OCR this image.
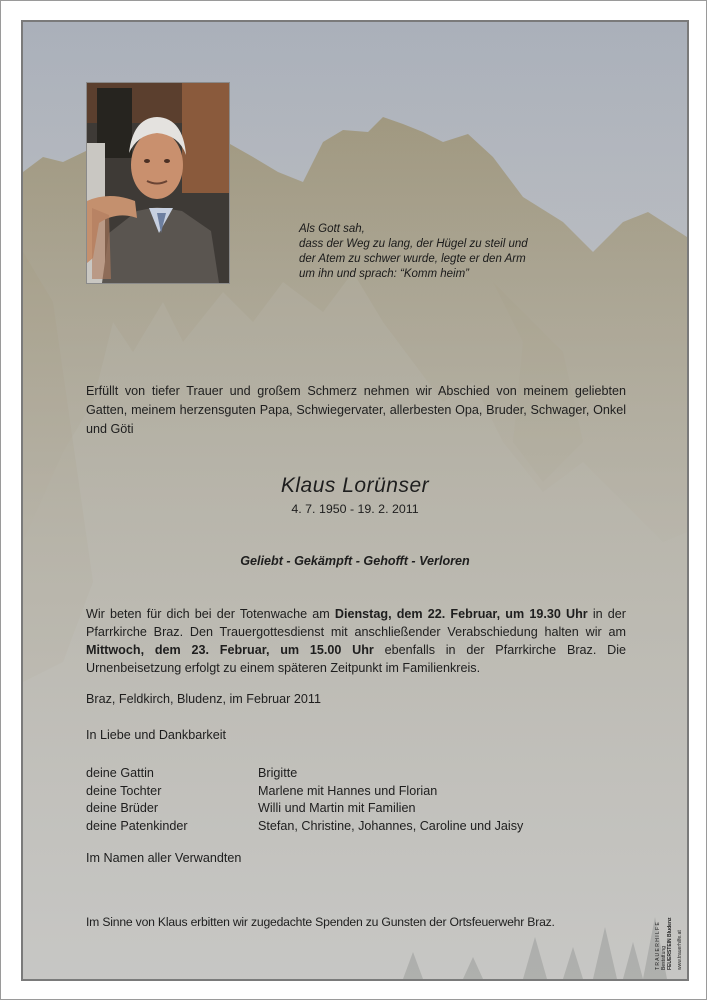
Als Gott sah,
dass der Weg zu lang, der Hügel zu steil und
der Atem zu schwer wurde, legte er den Arm
um ihn und sprach: “Komm heim”
Erfüllt von tiefer Trauer und großem Schmerz nehmen wir Abschied von meinem geliebten Gatten, meinem herzensguten Papa, Schwiegervater, allerbesten Opa, Bruder, Schwager, Onkel und Göti
Klaus Lorünser
4. 7. 1950 - 19. 2. 2011
Geliebt - Gekämpft - Gehofft - Verloren
Wir beten für dich bei der Totenwache am Dienstag, dem 22. Februar, um 19.30 Uhr in der Pfarrkirche Braz. Den Trauergottesdienst mit anschließender Verabschiedung halten wir am Mittwoch, dem 23. Februar, um 15.00 Uhr ebenfalls in der Pfarrkirche Braz. Die Urnenbeisetzung erfolgt zu einem späteren Zeitpunkt im Familienkreis.
Braz, Feldkirch, Bludenz, im Februar 2011
In Liebe und Dankbarkeit
deine Gattin	Brigitte
deine Tochter	Marlene mit Hannes und Florian
deine Brüder	Willi und Martin mit Familien
deine Patenkinder	Stefan, Christine, Johannes, Caroline und Jaisy
Im Namen aller Verwandten
Im Sinne von Klaus erbitten wir zugedachte Spenden zu Gunsten der Ortsfeuerwehr Braz.
T R A U E R H I L F E Bestattung FEUERSTEIN Bludenz www.trauerhilfe.at
